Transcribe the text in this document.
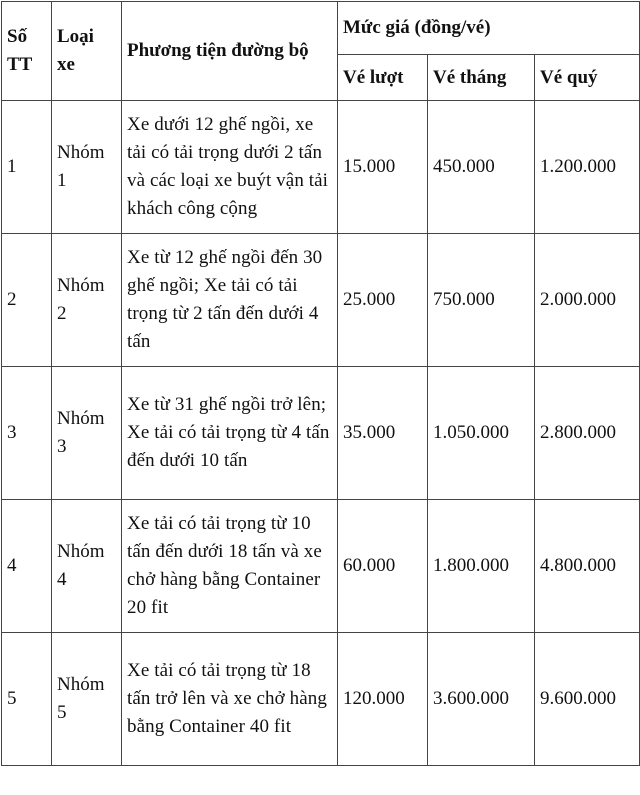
Số TT	Loại xe	Phương tiện đường bộ	Mức giá (đồng/vé)		
			Vé lượt	Vé tháng	Vé quý
1	Nhóm 1	Xe dưới 12 ghế ngồi, xe tải có tải trọng dưới 2 tấn và các loại xe buýt vận tải khách công cộng	15.000	450.000	1.200.000
2	Nhóm 2	Xe từ 12 ghế ngồi đến 30 ghế ngồi; Xe tải có tải trọng từ 2 tấn đến dưới 4 tấn	25.000	750.000	2.000.000
3	Nhóm 3	Xe từ 31 ghế ngồi trở lên; Xe tải có tải trọng từ 4 tấn đến dưới 10 tấn	35.000	1.050.000	2.800.000
4	Nhóm 4	Xe tải có tải trọng từ 10 tấn đến dưới 18 tấn và xe chở hàng bằng Container 20 fit	60.000	1.800.000	4.800.000
5	Nhóm 5	Xe tải có tải trọng từ 18 tấn trở lên và xe chở hàng bằng Container 40 fit	120.000	3.600.000	9.600.000
